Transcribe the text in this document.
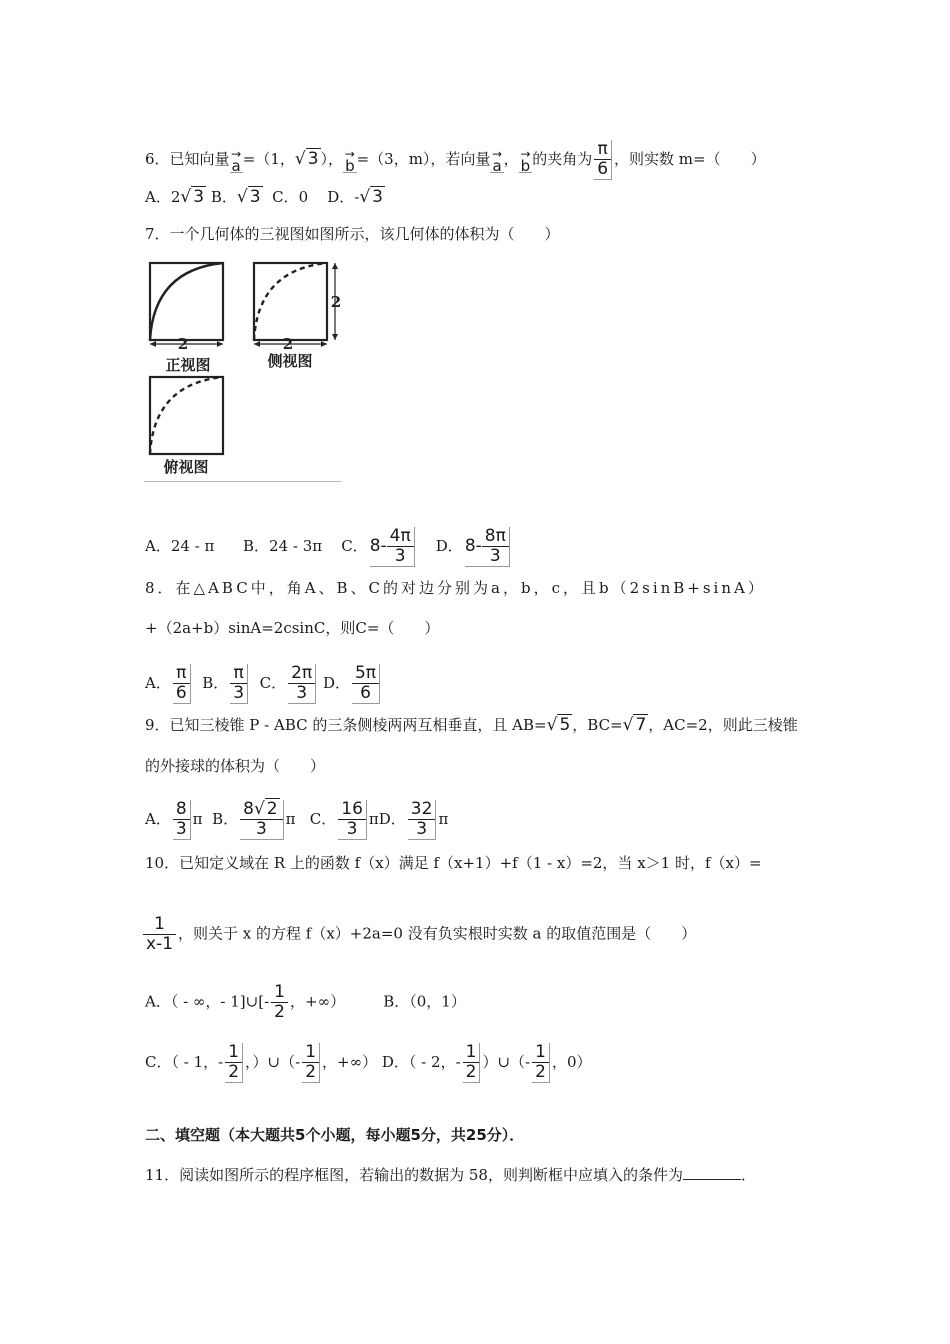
6．已知向量 →
a =（1，√ 3 ）， →
b =（3，m），若向量 →
a ， →
b 的夹角为 $\frac{\pi}{6}$ ，则实数 m=（　　）
A．2√ 3 B．√ 3 C．0 D．-√ 3
7．一个几何体的三视图如图所示，该几何体的体积为（　　）
2	2
2
正视图	侧视图
俯视图
A．24 - π B．24 - 3π C． $8- \frac{4\pi}{3}$ D． $8- \frac{8\pi}{3}$
8．在△ABC中，角A、B、C的对边分别为a，b，c，且b（2sinB+sinA）
+（2a+b）sinA=2csinC，则C=（　　）
A． $\frac{\pi}{6}$ B． $\frac{\pi}{3}$ C． $\frac{2\pi}{3}$ D． $\frac{5\pi}{6}$
9．已知三棱锥 P - ABC 的三条侧棱两两互相垂直，且 AB=√ 5 ，BC=√ 7 ，AC=2，则此三棱锥
的外接球的体积为（　　）
A． $\frac{8}{3}$ π B． $\frac{8√ 2}{3}$ π C． $\frac{16}{3}$ πD． $\frac{32}{3}$ π
10．已知定义域在 R 上的函数 f（x）满足 f（x+1）+f（1 - x）=2，当 x＞1 时，f（x）=
$\frac{1}{x-1}$ ，则关于 x 的方程 f（x）+2a=0 没有负实根时实数 a 的取值范围是（　　）
A．（ - ∞，- 1]∪[- $\frac{1}{2}$ ，+∞）	B．（0，1）
C．（ - 1，- $\frac{1}{2}$ ，）∪（- $\frac{1}{2}$ ，+∞） D．（ - 2，- $\frac{1}{2}$ ）∪（- $\frac{1}{2}$ ，0）
二、填空题（本大题共5个小题，每小题5分，共25分）．
11．阅读如图所示的程序框图，若输出的数据为 58，则判断框中应填入的条件为	．
